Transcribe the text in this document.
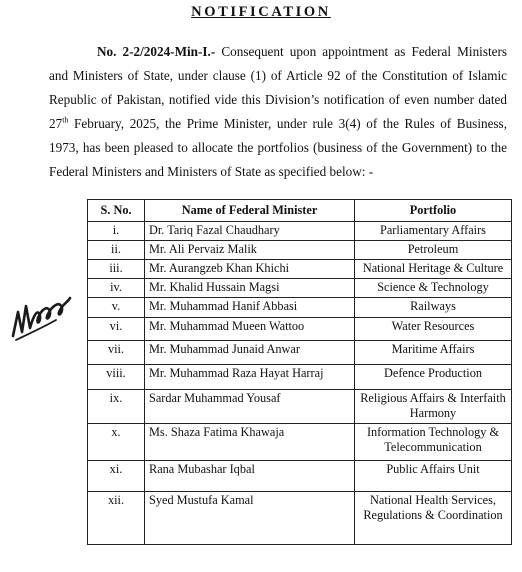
NOTIFICATION
No. 2-2/2024-Min-I.- Consequent upon appointment as Federal Ministers and Ministers of State, under clause (1) of Article 92 of the Constitution of Islamic Republic of Pakistan, notified vide this Division’s notification of even number dated 27th February, 2025, the Prime Minister, under rule 3(4) of the Rules of Business, 1973, has been pleased to allocate the portfolios (business of the Government) to the Federal Ministers and Ministers of State as specified below: -
S. No.	Name of Federal Minister	Portfolio
i.	Dr. Tariq Fazal Chaudhary	Parliamentary Affairs
ii.	Mr. Ali Pervaiz Malik	Petroleum
iii.	Mr. Aurangzeb Khan Khichi	National Heritage & Culture
iv.	Mr. Khalid Hussain Magsi	Science & Technology
v.	Mr. Muhammad Hanif Abbasi	Railways
vi.	Mr. Muhammad Mueen Wattoo	Water Resources
vii.	Mr. Muhammad Junaid Anwar	Maritime Affairs
viii.	Mr. Muhammad Raza Hayat Harraj	Defence Production
ix.	Sardar Muhammad Yousaf	Religious Affairs & Interfaith Harmony
x.	Ms. Shaza Fatima Khawaja	Information Technology & Telecommunication
xi.	Rana Mubashar Iqbal	Public Affairs Unit
xii.	Syed Mustufa Kamal	National Health Services, Regulations & Coordination
